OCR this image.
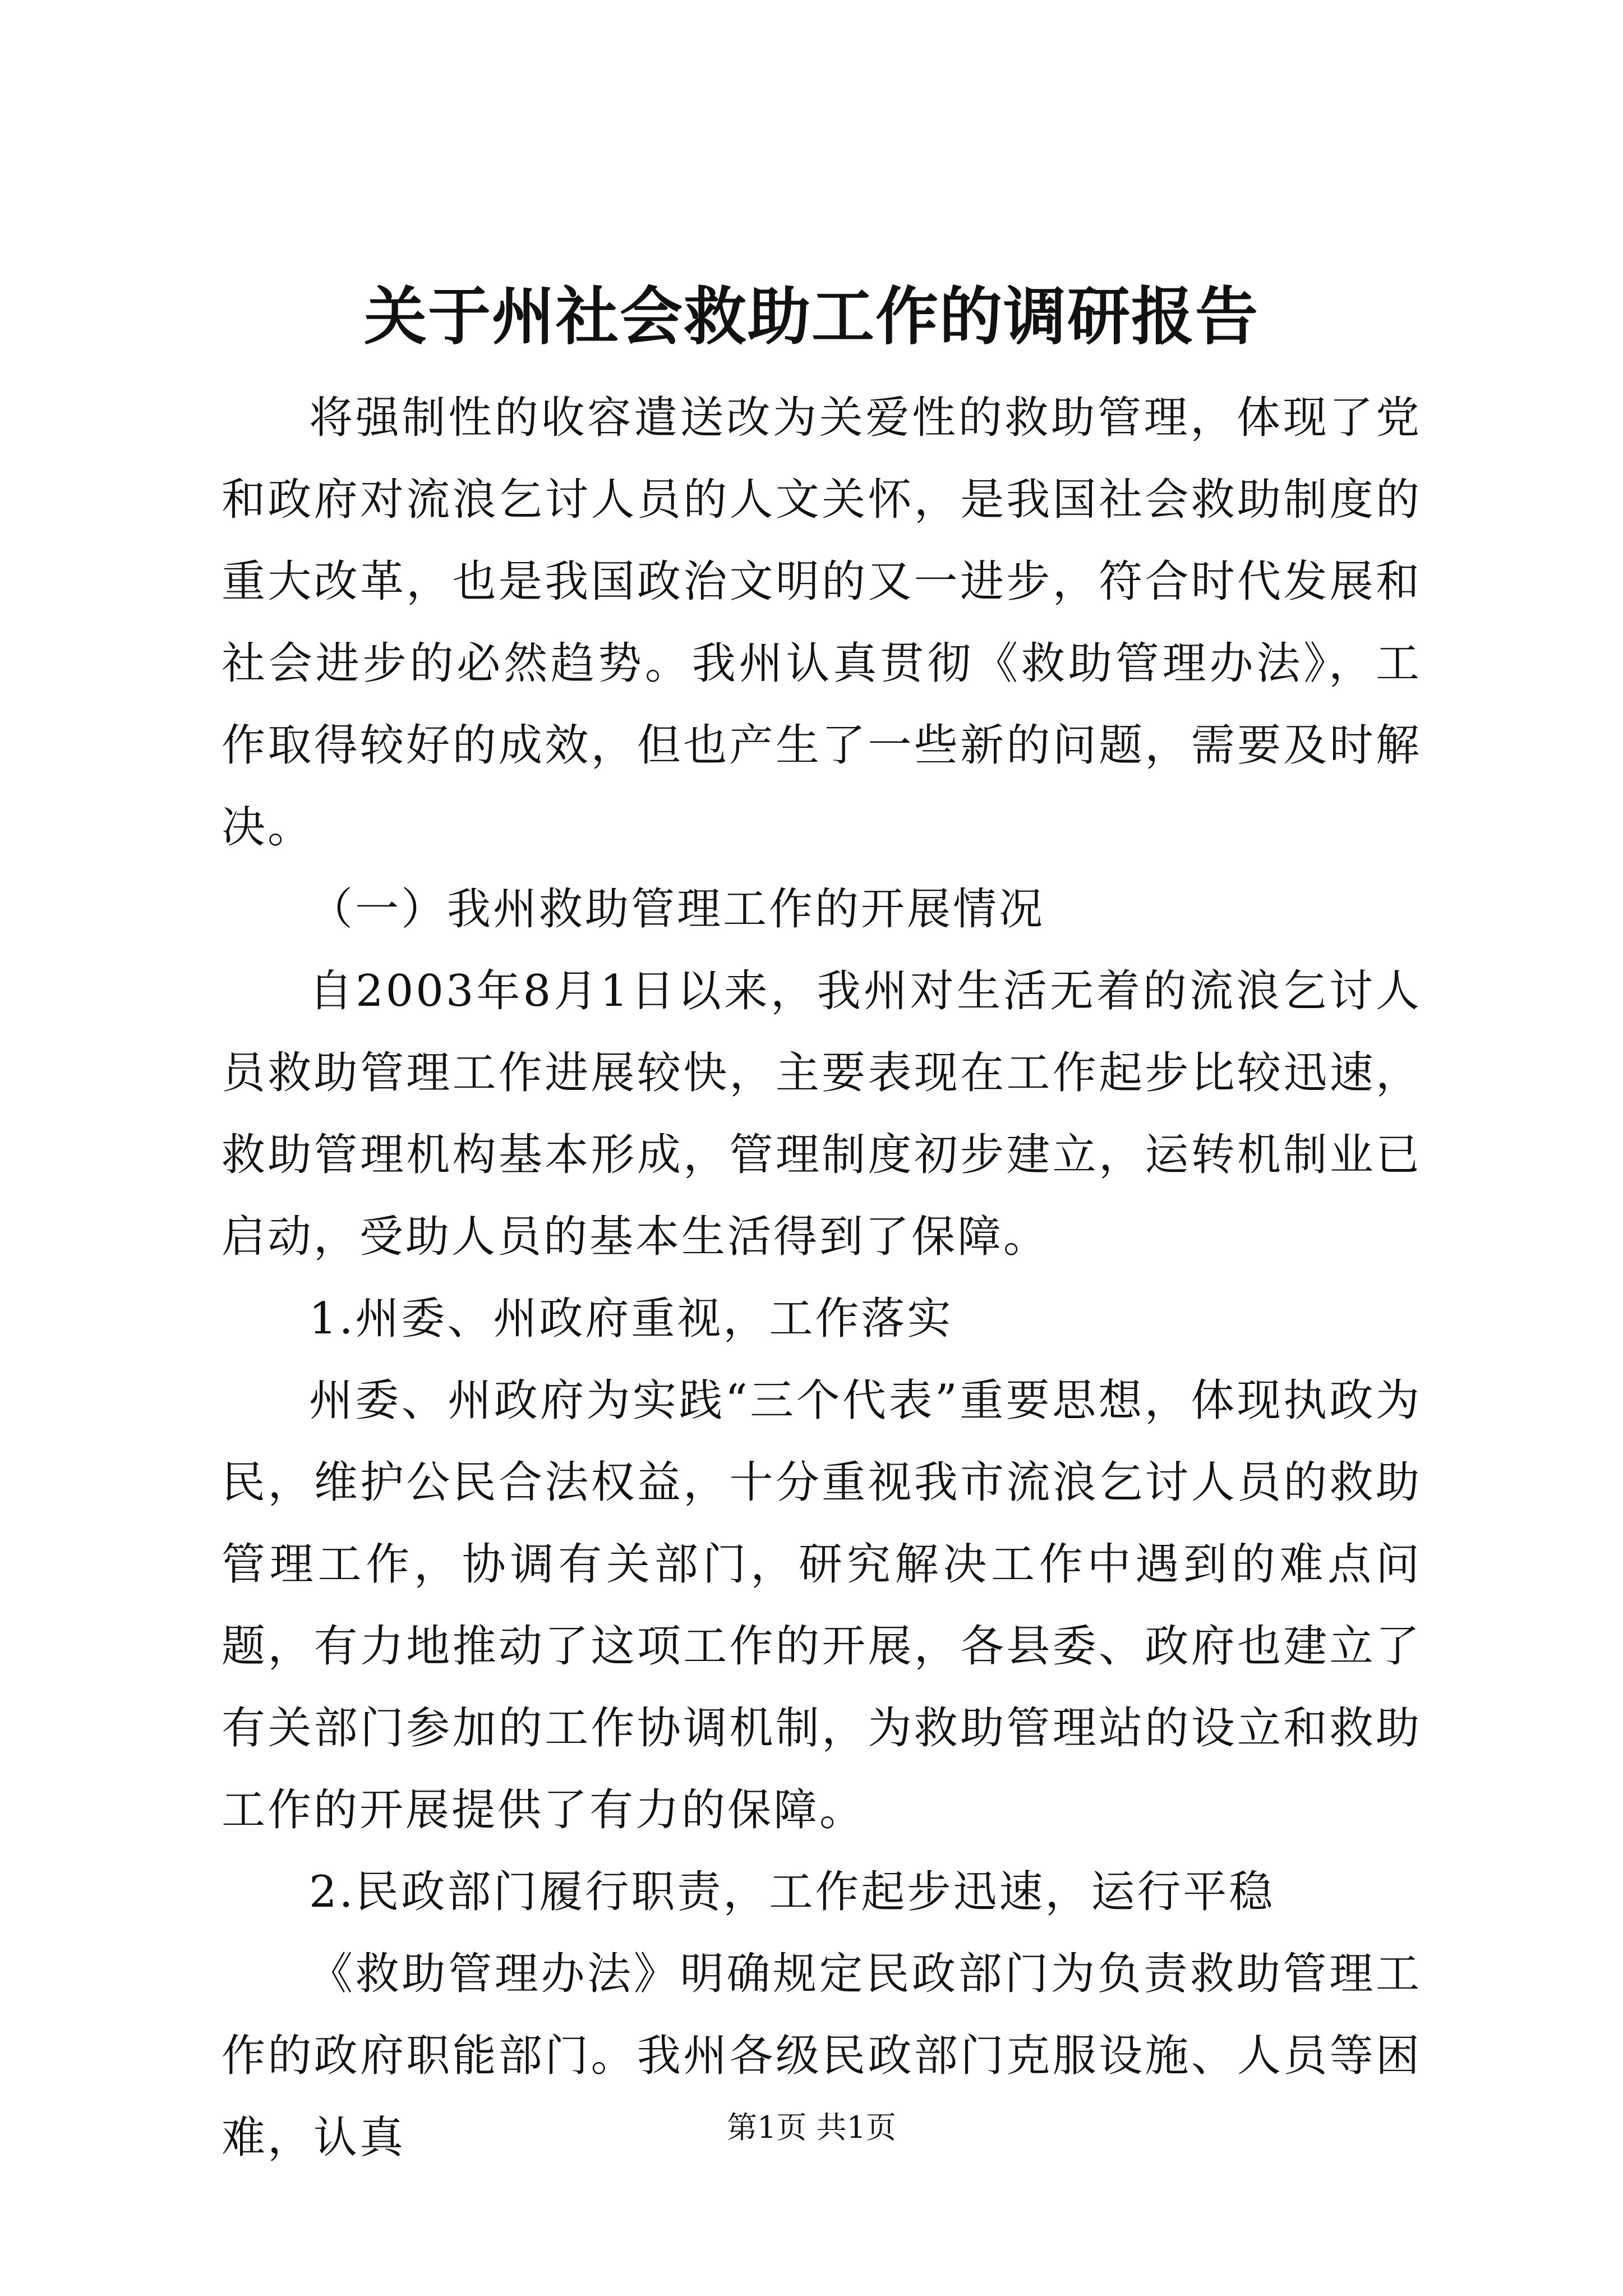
关于州社会救助工作的调研报告

将强制性的收容遣送改为关爱性的救助管理，体现了党和政府对流浪乞讨人员的人文关怀，是我国社会救助制度的重大改革，也是我国政治文明的又一进步，符合时代发展和社会进步的必然趋势。我州认真贯彻《救助管理办法》，工作取得较好的成效，但也产生了一些新的问题，需要及时解决。

（一）我州救助管理工作的开展情况

自2003年8月1日以来，我州对生活无着的流浪乞讨人员救助管理工作进展较快，主要表现在工作起步比较迅速，救助管理机构基本形成，管理制度初步建立，运转机制业已启动，受助人员的基本生活得到了保障。

1.州委、州政府重视，工作落实

州委、州政府为实践“三个代表”重要思想，体现执政为民，维护公民合法权益，十分重视我市流浪乞讨人员的救助管理工作，协调有关部门，研究解决工作中遇到的难点问题，有力地推动了这项工作的开展，各县委、政府也建立了有关部门参加的工作协调机制，为救助管理站的设立和救助工作的开展提供了有力的保障。

2.民政部门履行职责，工作起步迅速，运行平稳

《救助管理办法》明确规定民政部门为负责救助管理工作的政府职能部门。我州各级民政部门克服设施、人员等困难，认真	第1页 共1页
